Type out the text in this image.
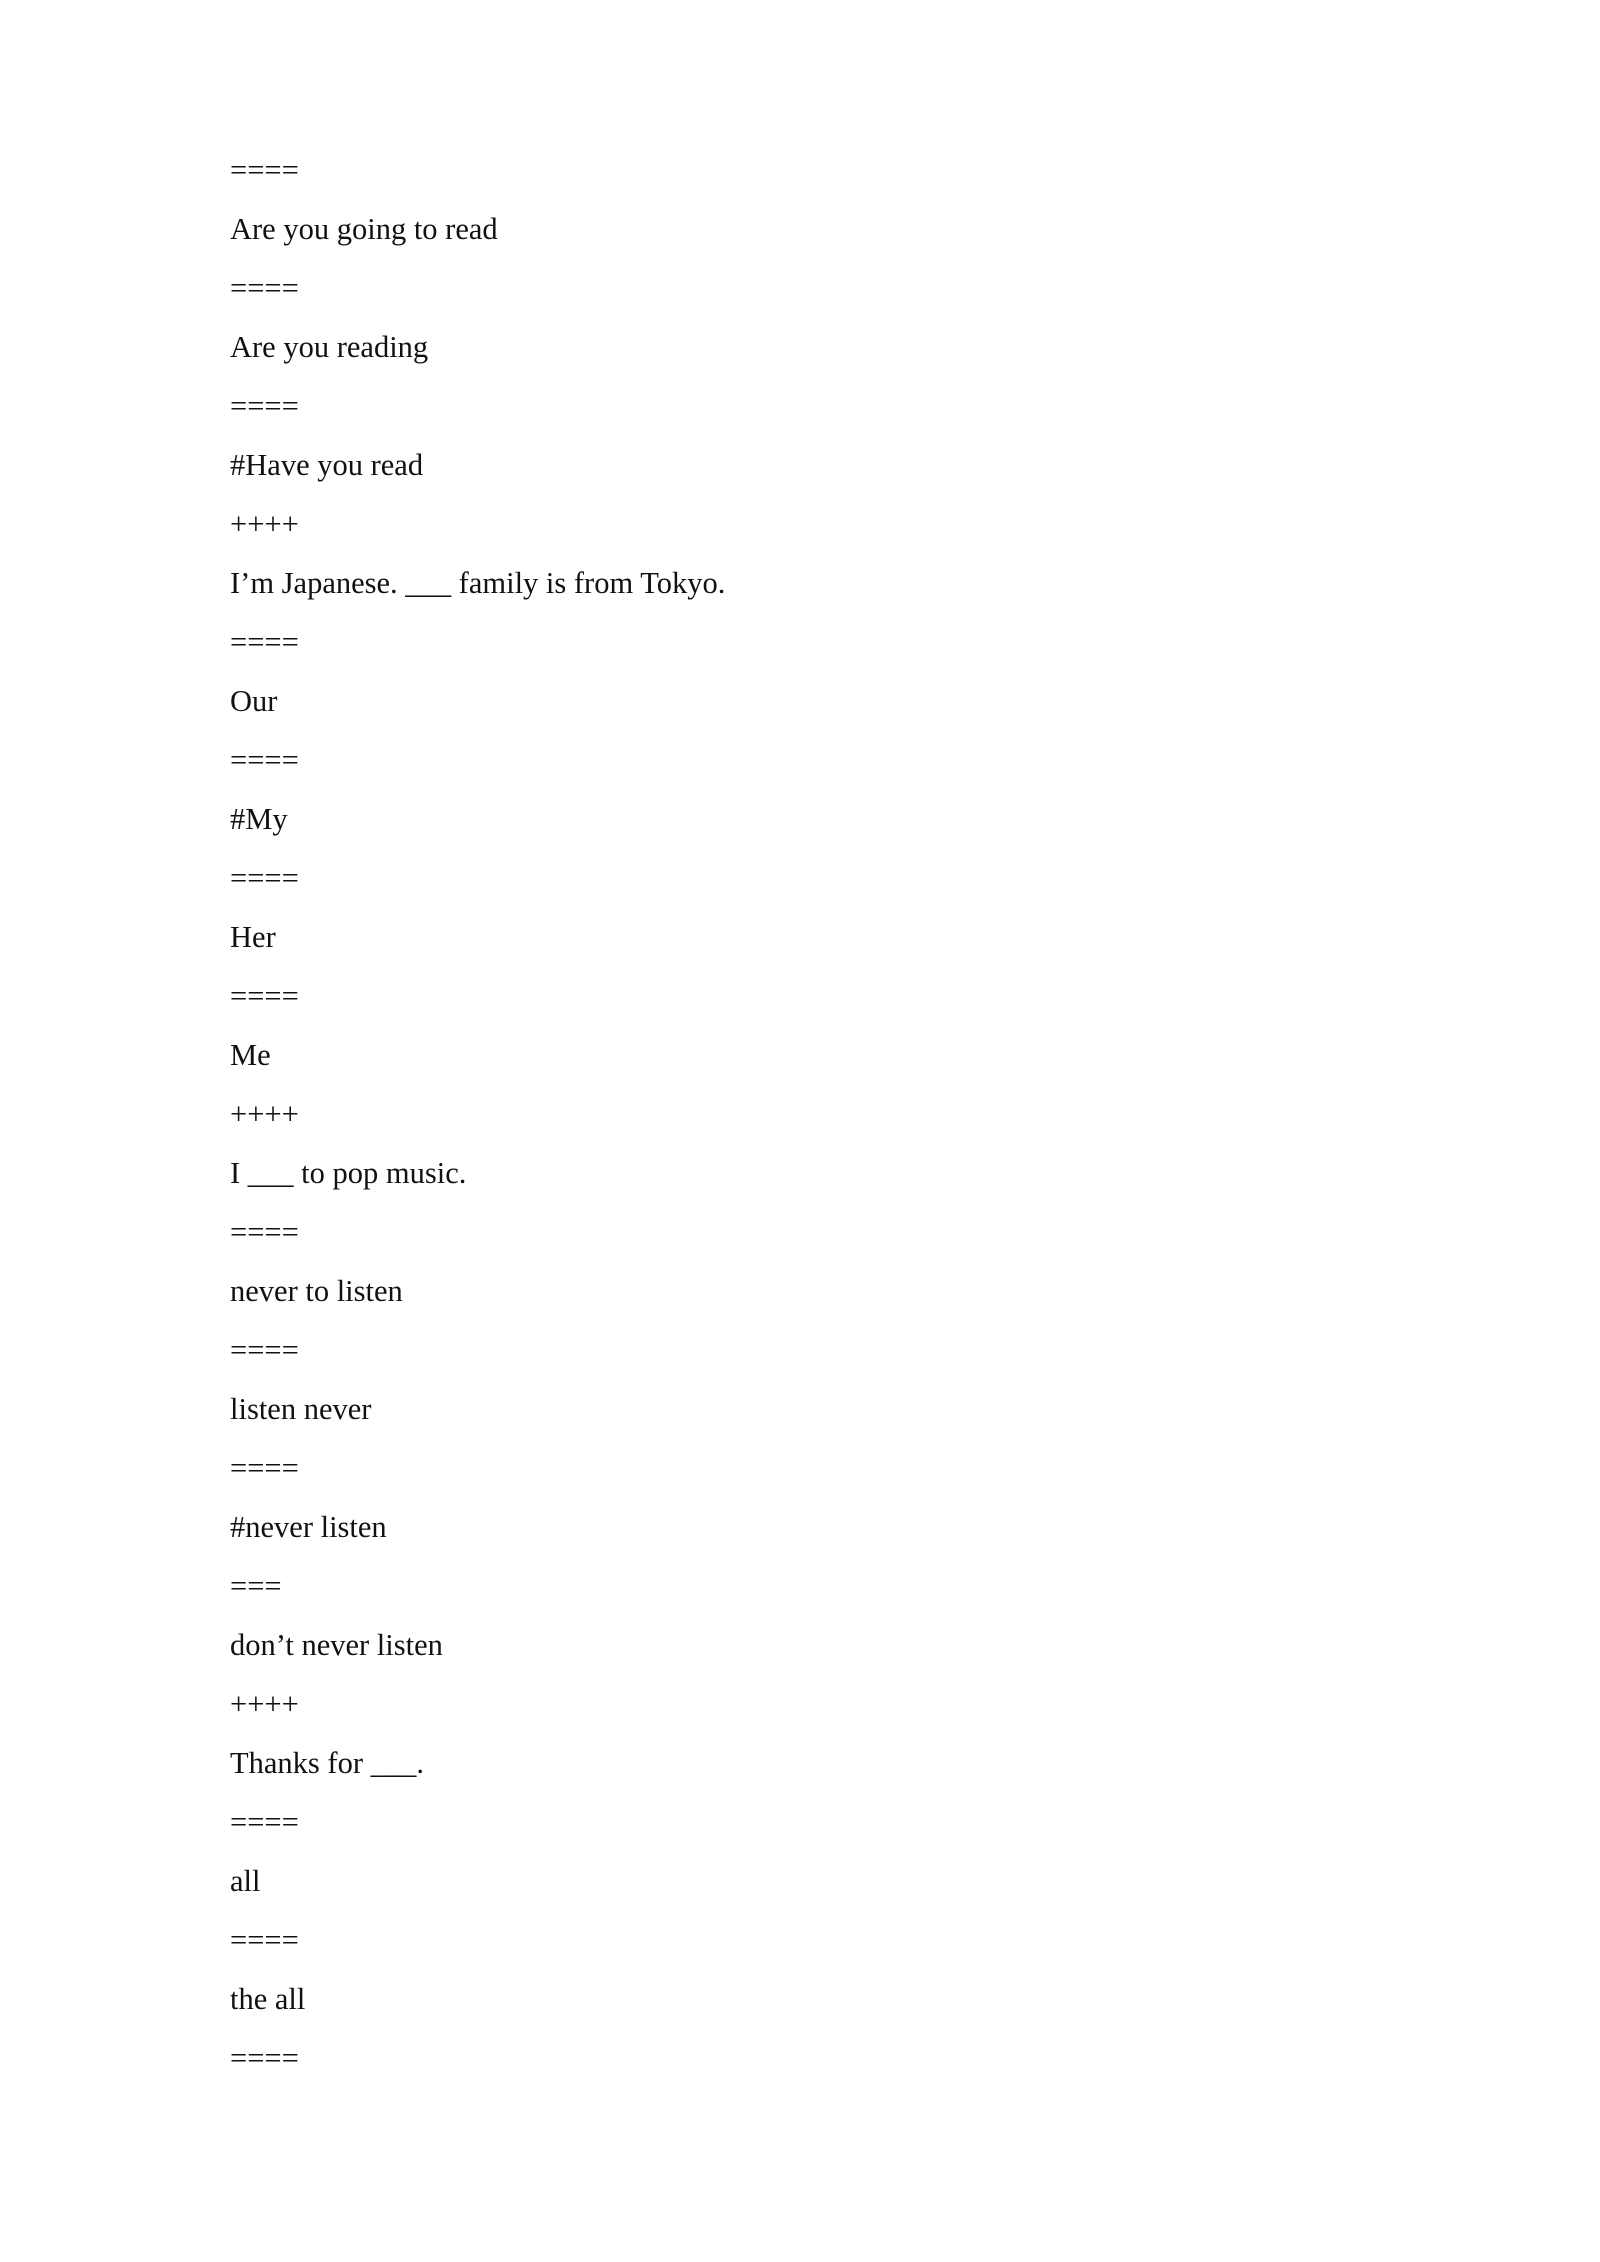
====
Are you going to read
====
Are you reading
====
#Have you read
++++
I’m Japanese. ___ family is from Tokyo.
====
Our
====
#My
====
Her
====
Me
++++
I ___ to pop music.
====
never to listen
====
listen never
====
#never listen
===
don’t never listen
++++
Thanks for ___.
====
all
====
the all
====
